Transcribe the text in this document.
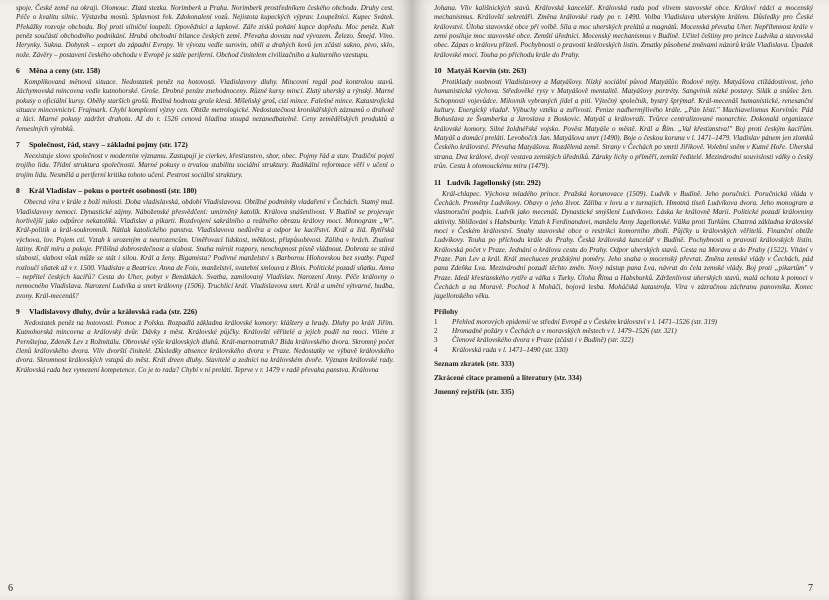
spoje. České země na okraji. Olomouc. Zlatá stezka. Norimberk a Praha. Norimberk prostředníkem českého obchodu. Druhy cest. Péče o kvalitu silnic. Výstavba mostů. Splavnost řek. Zdokonalení vozů. Nejistota kupeckých výprav. Loupežníci. Kupec Svátek. Překážky rozvoje obchodu. Boj proti silniční loupeži. Opovědníci a lapkové. Záře zisků pohání kupce dopředu. Moc peněz. Kult peněz součástí obchodního podnikání. Hrubá obchodní bilance českých zemí. Převaha dovozu nad vývozem. Železo. Šmejd. Víno. Herynky. Sukna. Dobytek – export do západní Evropy. Ve vývozu vedle surovin, obilí a drahých kovů jen zčásti sukno, pivo, sklo, nože. Závěry – postavení českého obchodu v Evropě je stále periferní. Obchod činitelem civilizačního a kulturního vzestupu.

6	Měna a ceny (str. 158)

Komplikovaná měnová situace. Nedostatek peněz na hotovosti. Vladislavovy dluhy. Mincovní regál pod kontrolou stavů. Jáchymovská mincovna vedle kutnohorské. Groše. Drobné peníze znehodnoceny. Různé kursy mincí. Zlatý uherský a rýnský. Marné pokusy o oficiální kursy. Oběhy starších grošů. Reálná hodnota groše klesá. Míšeňský groš, cizí mince. Falešné mince. Katastrofická situace mincovnictví. Frajmark. Chybí komplexní výzvy cen. Obtíže metrologické. Nedostatečnost kronikářských záznamů o drahotě a láci. Marné pokusy zadržet drahotu. Až do r. 1526 cenová hladina stoupá nezanedbatelně. Ceny zemědělských produktů a řemeslných výrobků.

7	Společnost, řád, stavy – základní pojmy (str. 172)

Neexistuje slovo společnost v moderním významu. Zastupují je cierkev, křesťanstvo, sbor, obec. Pojmy řád a stav. Tradiční pojetí trojího lidu. Třídní struktura společnosti. Marné pokusy o trvalou stabilitu sociální struktury. Radikální reformace věří v učení o trojím lidu. Nesmělá a periferní kritika tohoto učení. Pestrost sociální struktury.

8	Král Vladislav – pokus o portrét osobnosti (str. 180)

Obecná víra v krále z boží milosti. Doba vladislavská, období Vladislavova. Obtížné podmínky vladaření v Čechách. Statný muž. Vladislavovy nemoci. Dynastické zájmy. Náboženské přesvědčení: umírněný katolík. Králova snášenlivost. V Budíně se projevuje horlivější jako odpůrce nekatolíků. Vladislav a pikarti. Rozdvojení sakrálního a reálného obrazu královy moci. Monogram „W". Král-politik a král-soukromník. Nátlak katolického panstva. Vladislavova nedůvěra a odpor ke kacířství. Král a žid. Rytířská výchova, lov. Pojem ctí. Vztah k urozeným a neurozencům. Uměřovací lidskost, měkkost, přizpůsobivost. Záliba v hrách. Znalost latiny. Král míru a pokoje. Přílišná dobrosrdečnost a slabost. Snaha mírnit rozpory, nenchopnost písně vládnout. Dobrota se stává slabostí, slabost však může se stát i silou. Král a ženy. Bigamista? Podivné manželství s Barborou Hlohovskou bez svatby. Papež rozloučí sňatek až v r. 1500. Vladislav a Beatrice. Anna de Foix, manželství, svatební smlouva z Blois. Politické pozadí sňatku. Anna – nepřítel českých kacířů? Cesta do Uher, pobyt v Benátkách. Svatba, zamilovaný Vladislav. Narození Anny. Péče královny o nemocného Vladislava. Narození Ludvíka a smrt královny (1506). Truchlící král. Vladislavova smrt. Král a umění výtvarné, hudba, zvony. Král-mecenáš?

9	Vladislavovy dluhy, dvůr a královská rada (str. 226)

Nedostatek peněz na hotovosti. Pomoc z Polska. Rozpadlá základna královské komory: kláštery a hrady. Dluhy po králi Jiřím. Kutnohorská mincovna a královský dvůr. Dávky z měst. Královské půjčky. Královští věřitelé a jejich podíl na moci. Vilém z Pernštejna, Zdeněk Lev z Rožmitálu. Obrovské výše královských dluhů. Král-marnotratník? Bída královského dvora. Skromný počet členů královského dvora. Vliv dvorští činitelé. Důsledky absence královského dvora v Praze. Nedostatky ve výbavě královského dvora. Skromnost královských vstupů do měst. Král dreen dluhy. Stavitelé a zedníci na královském dvoře. Význam královské rady. Královská rada bez vymezení kompetence. Co je to rada? Chybí v ní preláti. Teprve v r. 1479 v radě převaha panstva. Královna

6

Johana. Vliv kališnických stavů. Královská kancelář. Královská rada pod vlivem stavovské obce. Královí rádci a mocenský mechanismus. Královští sekretáři. Změna královské rady po r. 1490. Volba Vladislava uherským králem. Důsledky pro České království. Úloha stavovské obce při volbě. Síla a moc uherských prelátů a magnátů. Mocenská převaha Uher. Nepříhmnost krále v zemi posiluje moc stavovské obce. Zemští úředníci. Mocenský mechanismus v Budíně. Učitel češtiny pro prince Ludvíka a stavovská obec. Zápas o královu přízeň. Pochybnosti o pravosti královských listin. Zmatky působené změnami názorů krále Vladislava. Úpadek královské moci. Touha po příchodu krále do Prahy.

10 Matyáš Korvín (str. 263)

Protiklady osobnosti Vladislavovy a Matyášovy. Nízký sociální původ Matyášův. Rodové mýty. Matyášova ctižádostivost, jeho humanistická výchova. Středověké rysy v Matyášově mentalitě. Matyášovy portréty. Sangvinik nízké postavy. Silák a snůšec žen. Schopnosti vojevůdce. Milovník vybraných jídel a pití. Výtečný společník, bystrý šprýmař. Král-mecenáš humanistické, renesanční kultury. Energický vladař. Výbuchy vztéku a zuřivosti. Penize nadhermýlivého krále. „Pán Iéstí." Machiavelismus Korvínův. Pád Bohuslava ze Švamberka a Jaroslava z Boskovic. Matyáš a královraži. Tvůrce centralizované monarchie. Dokonalá organizace královské komory. Silné žoldnéřské vojsko. Pověst Matyáše o městě. Král a Řím. „Val křesťanstva!" Boj proti českým kacířům. Matyáš a domácí preláti. Levobočck Jan. Matyášova smrt (1490). Boje o českou korunu v l. 1471–1479. Vladislav pánem jen zlomků Českého království. Převaha Matyášova. Rozdělená země. Strany v Čechách po smrti Jiříkově. Volební sněm v Kutné Hoře. Uherská strana. Dva králové, dvojí vestava zemských úředníků. Záruky lichy o příměří, zemští ředitelé. Mezinárodní souvislosti války o český trůn. Cesta k olomouckému míru (1479).

11 Ludvík Jagellonský (str. 292)

Král-chlapec. Výchova mladého prince. Pražská korunovace (1509). Ludvík v Budíně. Jeho poručníci. Poručnická vláda v Čechách. Proměny Ludvíkovy. Obavy o jeho život. Záliba v lovu a v turnajích. Hmotná tíseň Ludvíkova dvora. Jeho monogram a vlastnoruční podpis. Ludvík jako mecenáš. Dynastické smýšlení Ludvíkovo. Láska ke královně Marii. Politické pozadí královniny aktivity. Sblížování s Habsburky. Vztah k Ferdinandovi, manželu Anny Jagellonské. Válka proti Turkům. Chatrná základna královské moci v Českém království. Snahy stavovské obce o restrikci komorního zboží. Půjčky u královských věřitelů. Finanční obtíže Ludvíkovy. Touha po příchodu krále do Prahy. Česká královská kancelář v Budíně. Pochybnosti o pravosti královských listin. Královská počet v Praze. Jednání o královu cestu do Prahy. Odpor uherských stavů. Cesta na Moravu a do Prahy (1522). Vítání v Praze. Pan Lev a král. Král znechucen pražskými poměry. Jeho snaha o mocenský převrat. Změna zemské vlády v Čechách, pád pana Zdeňka Lva. Mezinárodní pozadí těchto změn. Nový nástup pana Lva, návrat do čela zemské vlády. Boj proti „pikartům" v Praze. Ideál křesťanského rytíře a válka s Turky. Úloha Říma a Habsburků. Zdrženlivost uherských stavů, malá ochota k pomoci v Čechách a na Moravě. Pochod k Moháči, bojová lesba. Moháčská katastrofa. Víra v zázračnou záchranu panovníka. Konec jagellonského věku.

Přílohy
1	Přehled morových epidemií ve střední Evropě a v Českém království v l. 1471–1526 (str. 319)
2	Hromadné požáry v Čechách a v moravských městech v l. 1479–1526 (str. 321)
3	Členové královského dvora v Praze (zčásti i v Budíně) (str. 322)
4	Královská rada v l. 1471–1490 (str. 330)
Seznam zkratek (str. 333)
Zkrácené citace pramenů a literatury (str. 334)
Jmenný rejstřík (str. 335)
7
